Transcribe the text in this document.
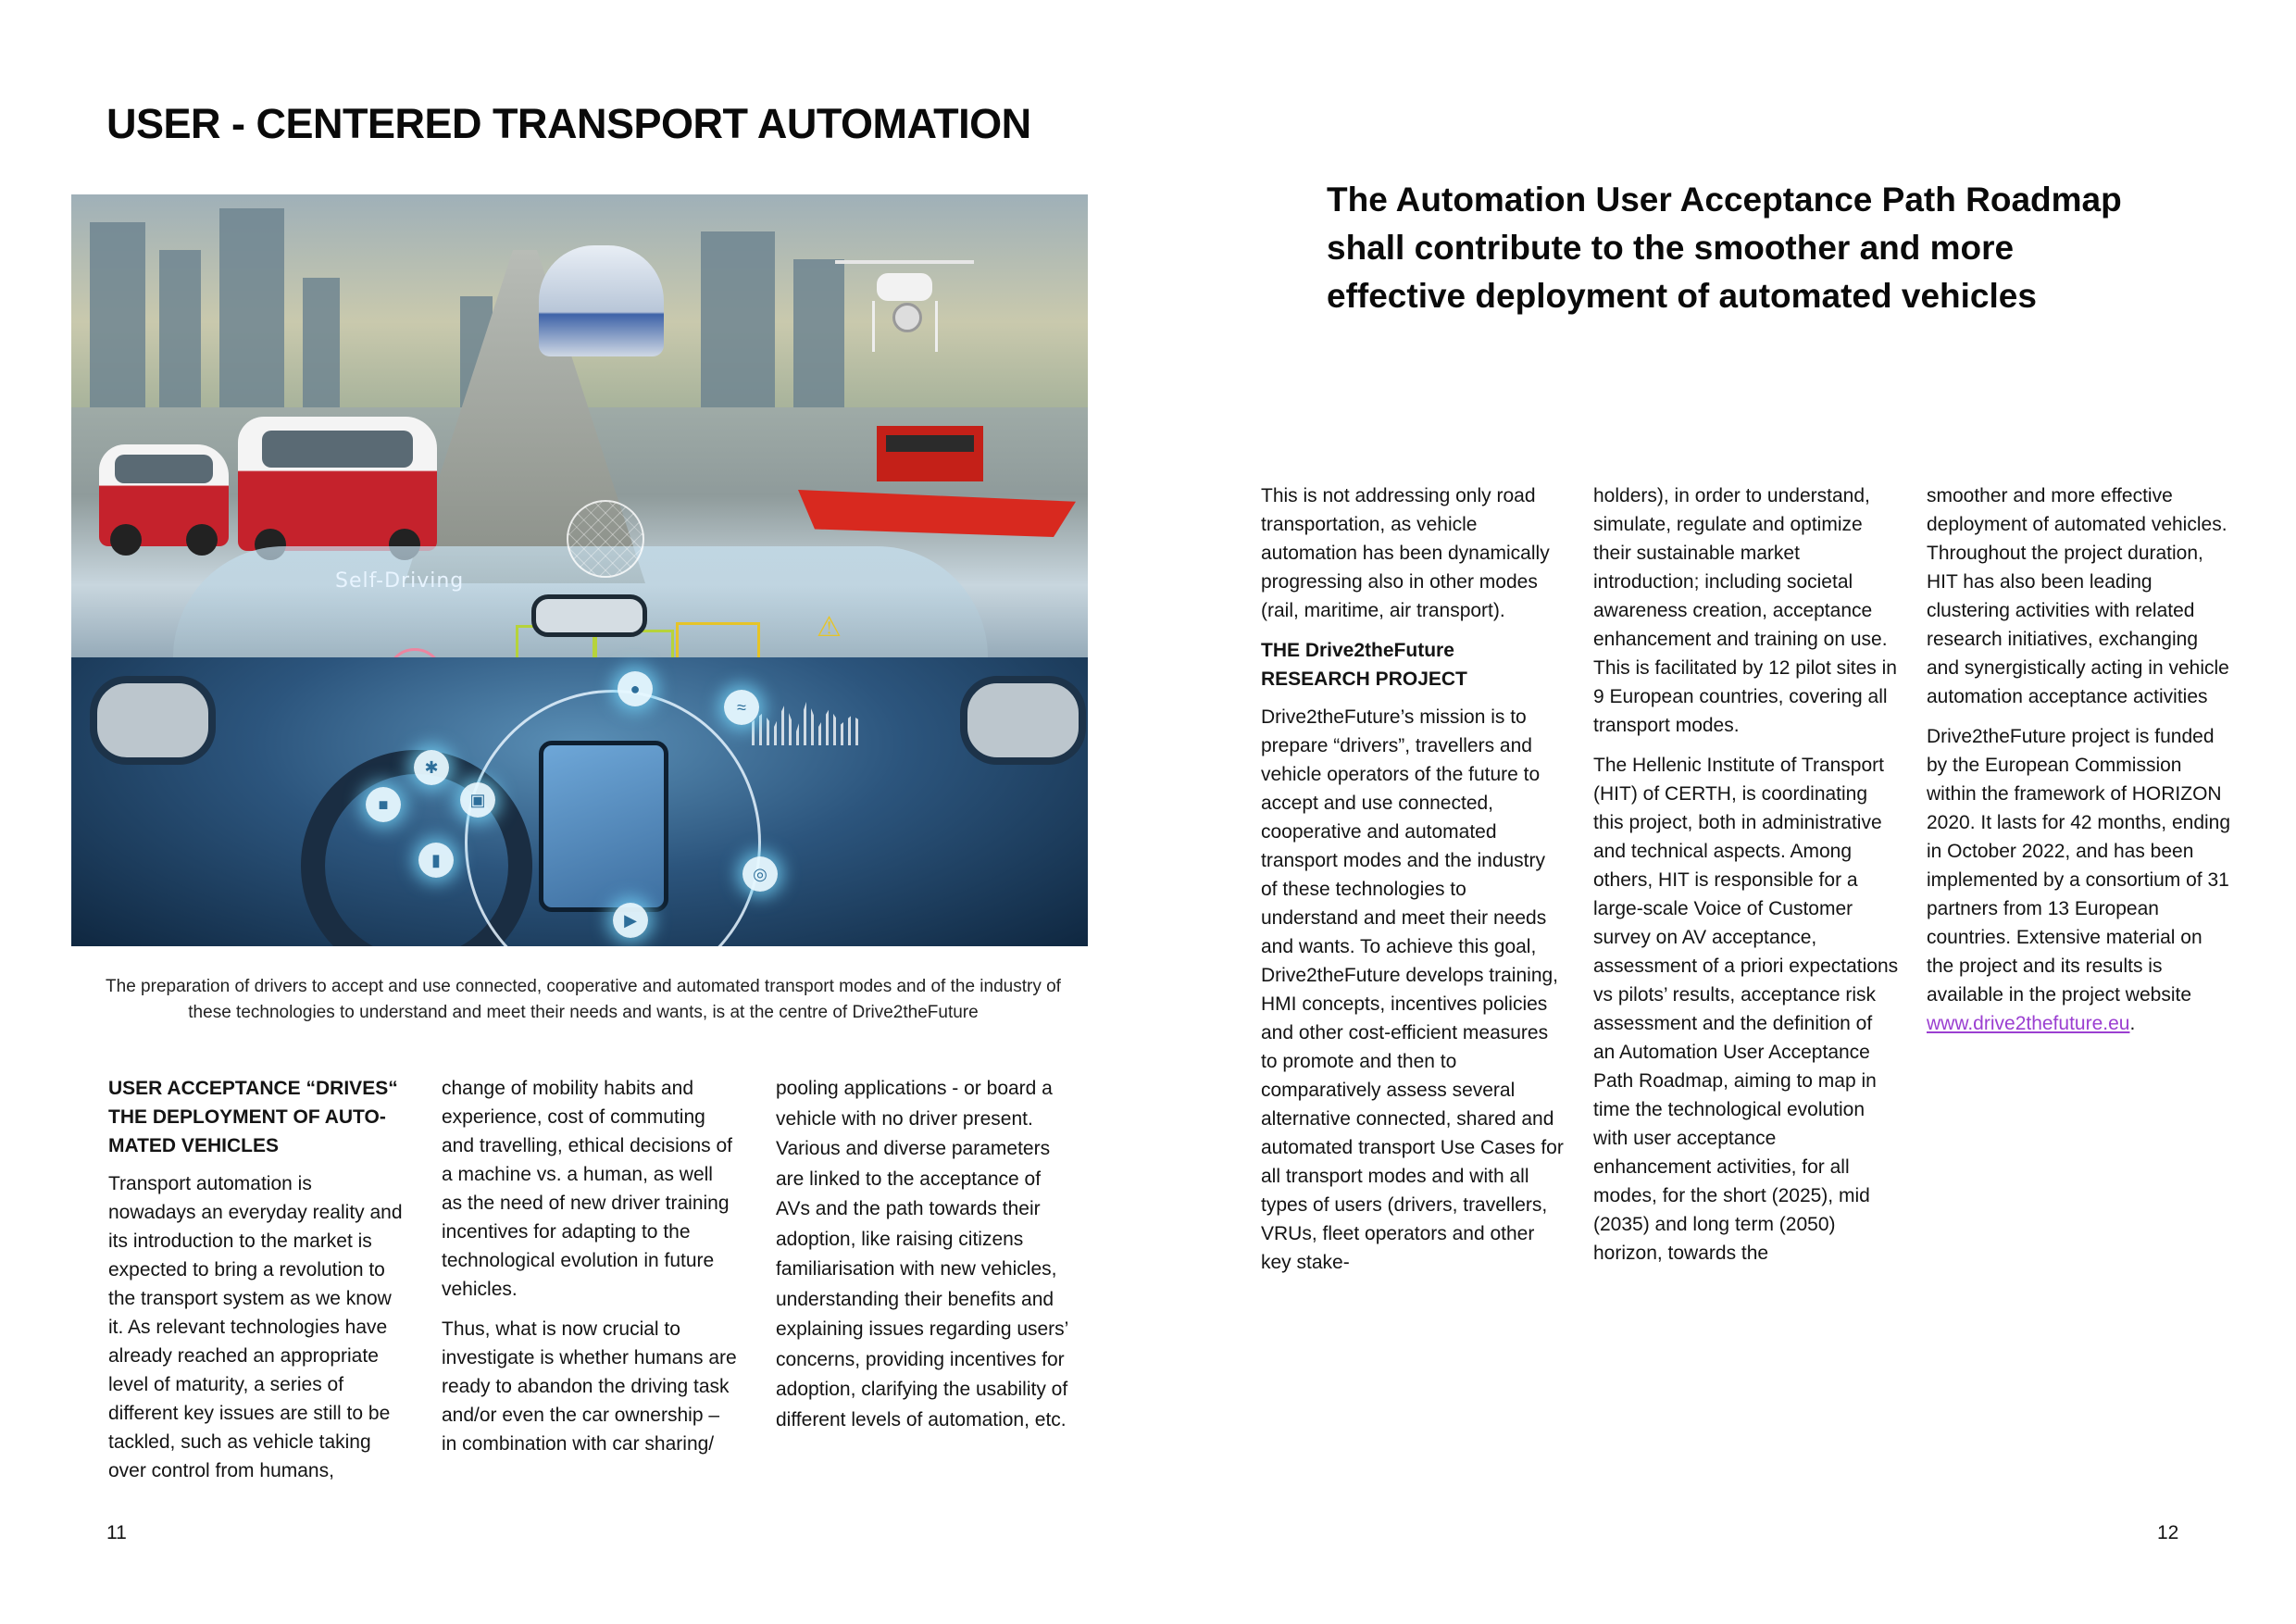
USER - CENTERED TRANSPORT AUTOMATION
Self-Driving
⚠
●
≈
▣
■
✱
▮
◎
▶

The preparation of drivers to accept and use connected, cooperative and automated transport modes and of the industry of these technologies to understand and meet their needs and wants, is at the centre of Drive2theFuture

USER ACCEPTANCE “DRIVES“ THE DEPLOYMENT OF AUTO-MATED VEHICLES

Transport automation is nowadays an everyday reality and its introduction to the market is expected to bring a revolution to the transport system as we know it. As relevant technologies have already reached an appropriate level of maturity, a series of different key issues are still to be tackled, such as vehicle taking over control from humans,

change of mobility habits and experience, cost of commuting and travelling, ethical decisions of a machine vs. a human, as well as the need of new driver training incentives for adapting to the technological evolution in future vehicles.

Thus, what is now crucial to investigate is whether humans are ready to abandon the driving task and/or even the car ownership – in combination with car sharing/

pooling applications - or board a vehicle with no driver present. Various and diverse parameters are linked to the acceptance of AVs and the path towards their adoption, like raising citizens familiarisation with new vehicles, understanding their benefits and explaining issues regarding users’ concerns, providing incentives for adoption, clarifying the usability of different levels of automation, etc.

11

The Automation User Acceptance Path Roadmap shall contribute to the smoother and more effective deployment of automated vehicles

This is not addressing only road transportation, as vehicle automation has been dynamically progressing also in other modes (rail, maritime, air transport).

THE Drive2theFuture RESEARCH PROJECT

Drive2theFuture’s mission is to prepare “drivers”, travellers and vehicle operators of the future to accept and use connected, cooperative and automated transport modes and the industry of these technologies to understand and meet their needs and wants. To achieve this goal, Drive2theFuture develops training, HMI concepts, incentives policies and other cost-efficient measures to promote and then to comparatively assess several alternative connected, shared and automated transport Use Cases for all transport modes and with all types of users (drivers, travellers, VRUs, fleet operators and other key stake-

holders), in order to understand, simulate, regulate and optimize their sustainable market introduction; including societal awareness creation, acceptance enhancement and training on use. This is facilitated by 12 pilot sites in 9 European countries, covering all transport modes.

The Hellenic Institute of Transport (HIT) of CERTH, is coordinating this project, both in administrative and technical aspects. Among others, HIT is responsible for a large-scale Voice of Customer survey on AV acceptance, assessment of a priori expectations vs pilots’ results, acceptance risk assessment and the definition of an Automation User Acceptance Path Roadmap, aiming to map in time the technological evolution with user acceptance enhancement activities, for all modes, for the short (2025), mid (2035) and long term (2050) horizon, towards the

smoother and more effective deployment of automated vehicles. Throughout the project duration, HIT has also been leading clustering activities with related research initiatives, exchanging and synergistically acting in vehicle automation acceptance activities

Drive2theFuture project is funded by the European Commission within the framework of HORIZON 2020. It lasts for 42 months, ending in October 2022, and has been implemented by a consortium of 31 partners from 13 European countries. Extensive material on the project and its results is available in the project website www.drive2thefuture.eu.

12
